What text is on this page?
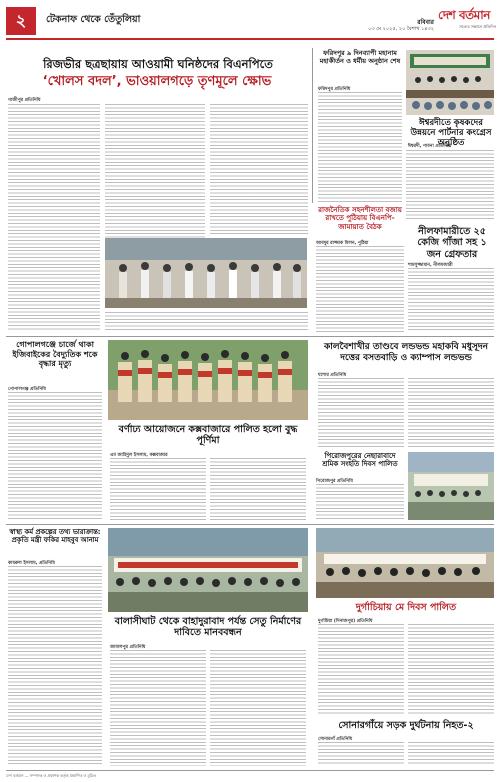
২	টেকনাফ থেকে তেঁতুলিয়া	রবিবার
০৩ মে ২০২৫, ২০ বৈশাখ ১৪৩২
দেশ বর্তমান
সত্যের সন্ধানে প্রতিদিন
রিজভীর ছত্রছায়ায় আওয়ামী ঘনিষ্ঠদের বিএনপিতে
‘খোলস বদল’, ভাওয়ালগড়ে তৃণমূলে ক্ষোভ
গাজীপুর প্রতিনিধি
ফরিদপুর ৯ দিনব্যাপী মহানাম মহাকীর্তন ও ধর্মীয় অনুষ্ঠান শেষ
ফরিদপুর প্রতিনিধি
ঈশ্বরদীতে কৃষকদের উন্নয়নে পার্টনার কংগ্রেস অনুষ্ঠিত
ঈশ্বরদী, পাবনা প্রতিনিধি
রাজনৈতিক সহনশীলতা বজায় রাখতে পুঠিয়ায় বিএনপি-জামায়াত বৈঠক
আবদুর রাজ্জাক মিলন, পুঠিয়া
নীলফামারীতে ২৫ কেজি গাঁজা সহ ১ জন গ্রেফতার
শামসুজ্জামান, নীলফামারী
গোপালগঞ্জে চার্জে থাকা ইজিবাইকের বৈদ্যুতিক শকে বৃদ্ধার মৃত্যু
গোপালগঞ্জ প্রতিনিধি
বর্ণাঢ্য আয়োজনে কক্সবাজারে পালিত হলো বুদ্ধ পূর্ণিমা
এম জাহিদুল ইসলাম, কক্সবাজার
কালবৈশাখীর তাণ্ডবে লন্ডভন্ড মহাকবি মধুসূদন দত্তের বসতবাড়ি ও ক্যাম্পাস লন্ডভন্ড
যশোর প্রতিনিধি
পিরোজপুরের নেছারাবাদে শ্রমিক সংহতি দিবস পালিত
পিরোজপুর প্রতিনিধি
স্বাস্থ্য কর্ম প্রকল্পের তথ্য ভারাক্রান্ত: প্রকৃতি মন্ত্রী ফকির মাহবুব আনাম
কামরুল ইসলাম, প্রতিনিধি
বালাসীঘাট থেকে বাহাদুরাবাদ পর্যন্ত সেতু নির্মাণের দাবিতে মানববন্ধন
জামালপুর প্রতিনিধি
দুর্গাচিয়ায় মে দিবস পালিত
দুর্গাচিয়া (দিনাজপুর) প্রতিনিধি
সোনারগাঁয়ে সড়ক দুর্ঘটনায় নিহত-২
সোনারগাঁ প্রতিনিধি
দেশ বর্তমান — সম্পাদক ও প্রকাশক কর্তৃক প্রকাশিত ও মুদ্রিত
